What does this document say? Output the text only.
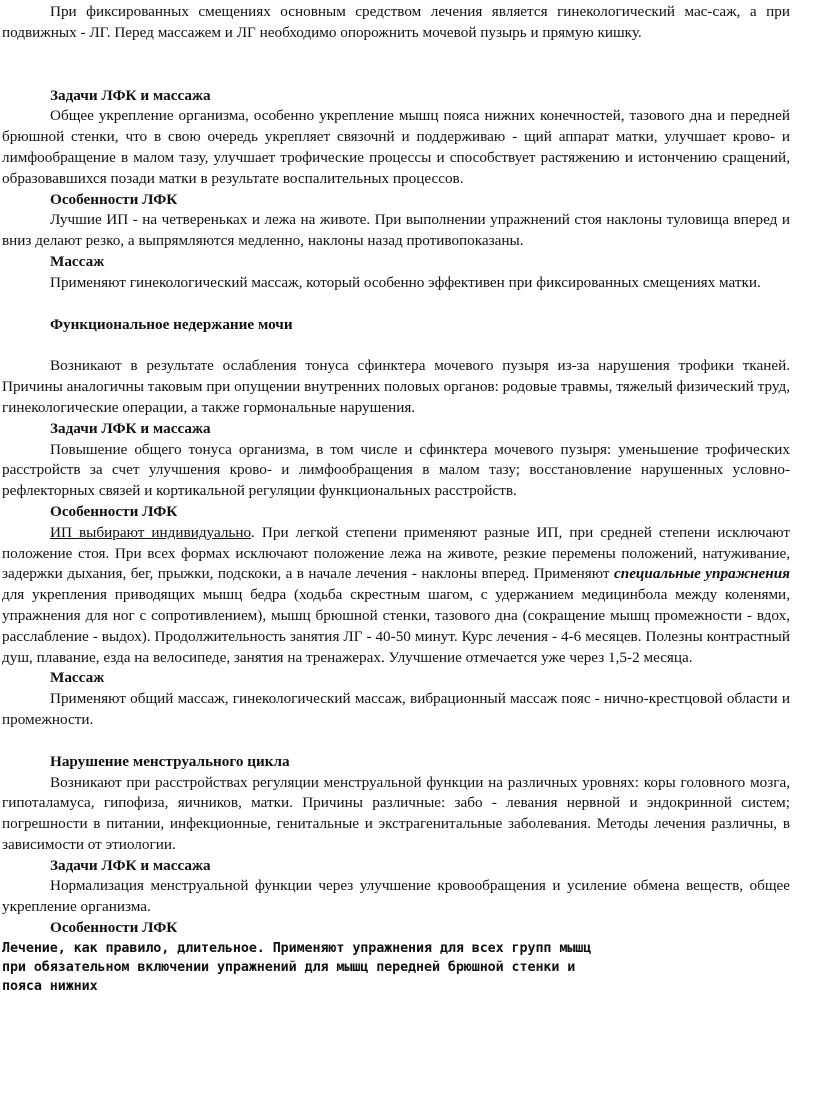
При фиксированных смещениях основным средством лечения является гинекологический мас-саж, а при подвижных - ЛГ. Перед массажем и ЛГ необходимо опорожнить мочевой пузырь и прямую кишку.

Задачи ЛФК и массажа

Общее укрепление организма, особенно укрепление мышц пояса нижних конечностей, тазового дна и передней брюшной стенки, что в свою очередь укрепляет связочнй и поддерживаю - щий аппарат матки, улучшает крово- и лимфообращение в малом тазу, улучшает трофические процессы и способствует растяжению и истончению сращений, образовавшихся позади матки в результате воспалительных процессов.

Особенности ЛФК

Лучшие ИП - на четвереньках и лежа на животе. При выполнении упражнений стоя наклоны туловища вперед и вниз делают резко, а выпрямляются медленно, наклоны назад противопоказаны.

Массаж

Применяют гинекологический массаж, который особенно эффективен при фиксированных смещениях матки.

Функциональное недержание мочи

Возникают в результате ослабления тонуса сфинктера мочевого пузыря из-за нарушения трофики тканей. Причины аналогичны таковым при опущении внутренних половых органов: родовые травмы, тяжелый физический труд, гинекологические операции, а также гормональные нарушения.

Задачи ЛФК и массажа

Повышение общего тонуса организма, в том числе и сфинктера мочевого пузыря: уменьшение трофических расстройств за счет улучшения крово- и лимфообращения в малом тазу; восстановление нарушенных условно-рефлекторных связей и кортикальной регуляции функциональных расстройств.

Особенности ЛФК

ИП выбирают индивидуально. При легкой степени применяют разные ИП, при средней степени исключают положение стоя. При всех формах исключают положение лежа на животе, резкие перемены положений, натуживание, задержки дыхания, бег, прыжки, подскоки, а в начале лечения - наклоны вперед. Применяют специальные упражнения для укрепления приводящих мышц бедра (ходьба скрестным шагом, с удержанием медицинбола между коленями, упражнения для ног с сопротивлением), мышц брюшной стенки, тазового дна (сокращение мышц промежности - вдох, расслабление - выдох). Продолжительность занятия ЛГ - 40-50 минут. Курс лечения - 4-6 месяцев. Полезны контрастный душ, плавание, езда на велосипеде, занятия на тренажерах. Улучшение отмечается уже через 1,5-2 месяца.

Массаж

Применяют общий массаж, гинекологический массаж, вибрационный массаж пояс - нично-крестцовой области и промежности.

Нарушение менструального цикла

Возникают при расстройствах регуляции менструальной функции на различных уровнях: коры головного мозга, гипоталамуса, гипофиза, яичников, матки. Причины различные: забо - левания нервной и эндокринной систем; погрешности в питании, инфекционные, генитальные и экстрагенитальные заболевания. Методы лечения различны, в зависимости от этиологии.

Задачи ЛФК и массажа

Нормализация менструальной функции через улучшение кровообращения и усиление обмена веществ, общее укрепление организма.

Особенности ЛФК

Лечение, как правило, длительное. Применяют упражнения для всех групп мышц

при обязательном включении упражнений для мышц передней брюшной стенки и

пояса нижних
